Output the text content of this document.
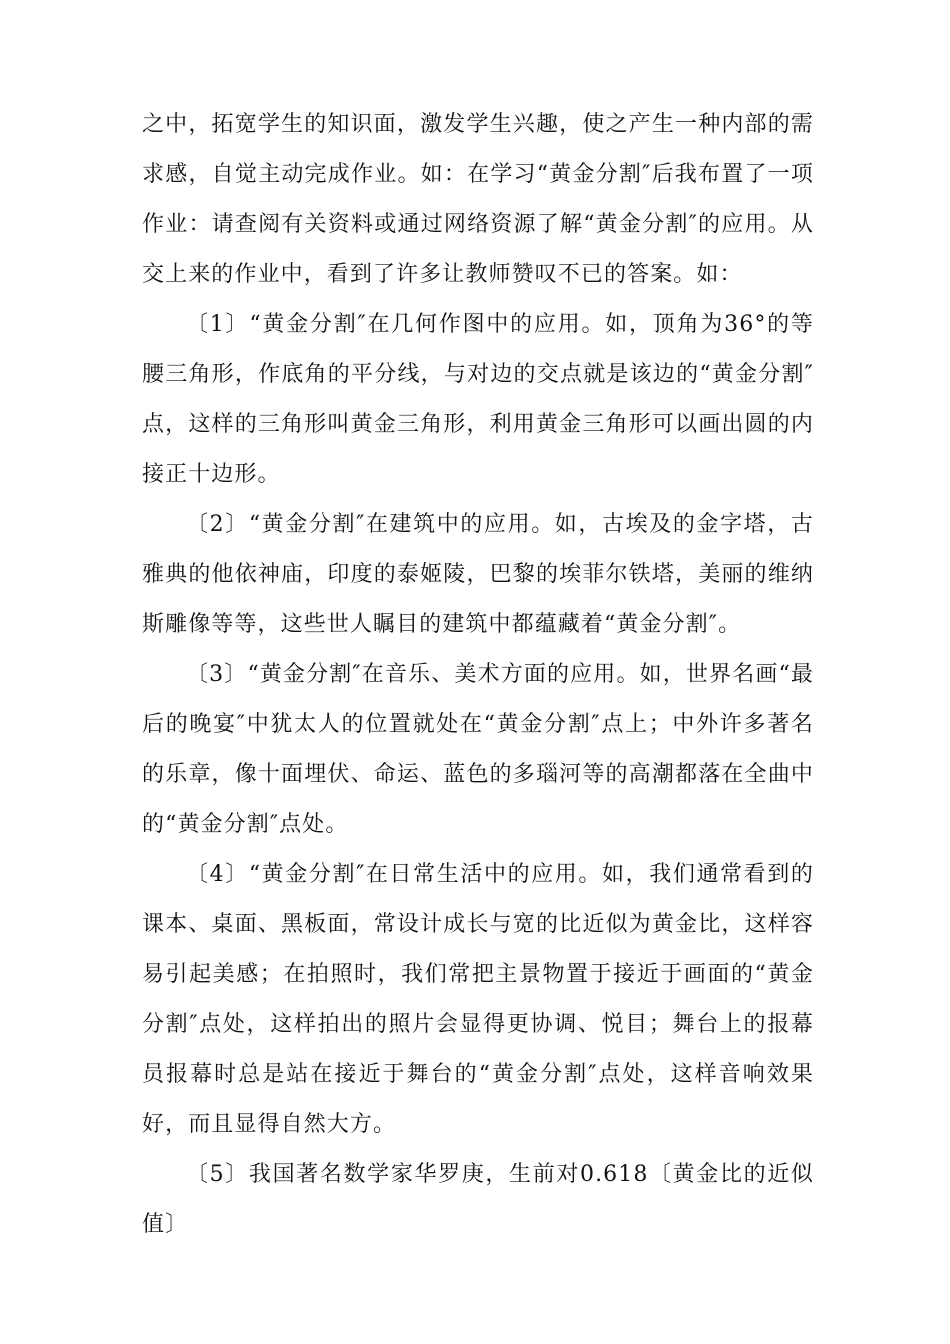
之中，拓宽学生的知识面，激发学生兴趣，使之产生一种内部的需求感，自觉主动完成作业。如：在学习“黄金分割″后我布置了一项作业：请查阅有关资料或通过网络资源了解“黄金分割″的应用。从交上来的作业中，看到了许多让教师赞叹不已的答案。如：

〔1〕“黄金分割″在几何作图中的应用。如，顶角为36°的等腰三角形，作底角的平分线，与对边的交点就是该边的“黄金分割″点，这样的三角形叫黄金三角形，利用黄金三角形可以画出圆的内接正十边形。

〔2〕“黄金分割″在建筑中的应用。如，古埃及的金字塔，古雅典的他依神庙，印度的泰姬陵，巴黎的埃菲尔铁塔，美丽的维纳斯雕像等等，这些世人瞩目的建筑中都蕴藏着“黄金分割″。

〔3〕“黄金分割″在音乐、美术方面的应用。如，世界名画“最后的晚宴″中犹太人的位置就处在“黄金分割″点上；中外许多著名的乐章，像十面埋伏、命运、蓝色的多瑙河等的高潮都落在全曲中的“黄金分割″点处。

〔4〕“黄金分割″在日常生活中的应用。如，我们通常看到的课本、桌面、黑板面，常设计成长与宽的比近似为黄金比，这样容易引起美感；在拍照时，我们常把主景物置于接近于画面的“黄金分割″点处，这样拍出的照片会显得更协调、悦目；舞台上的报幕员报幕时总是站在接近于舞台的“黄金分割″点处，这样音响效果好，而且显得自然大方。

〔5〕我国著名数学家华罗庚，生前对0.618〔黄金比的近似值〕
